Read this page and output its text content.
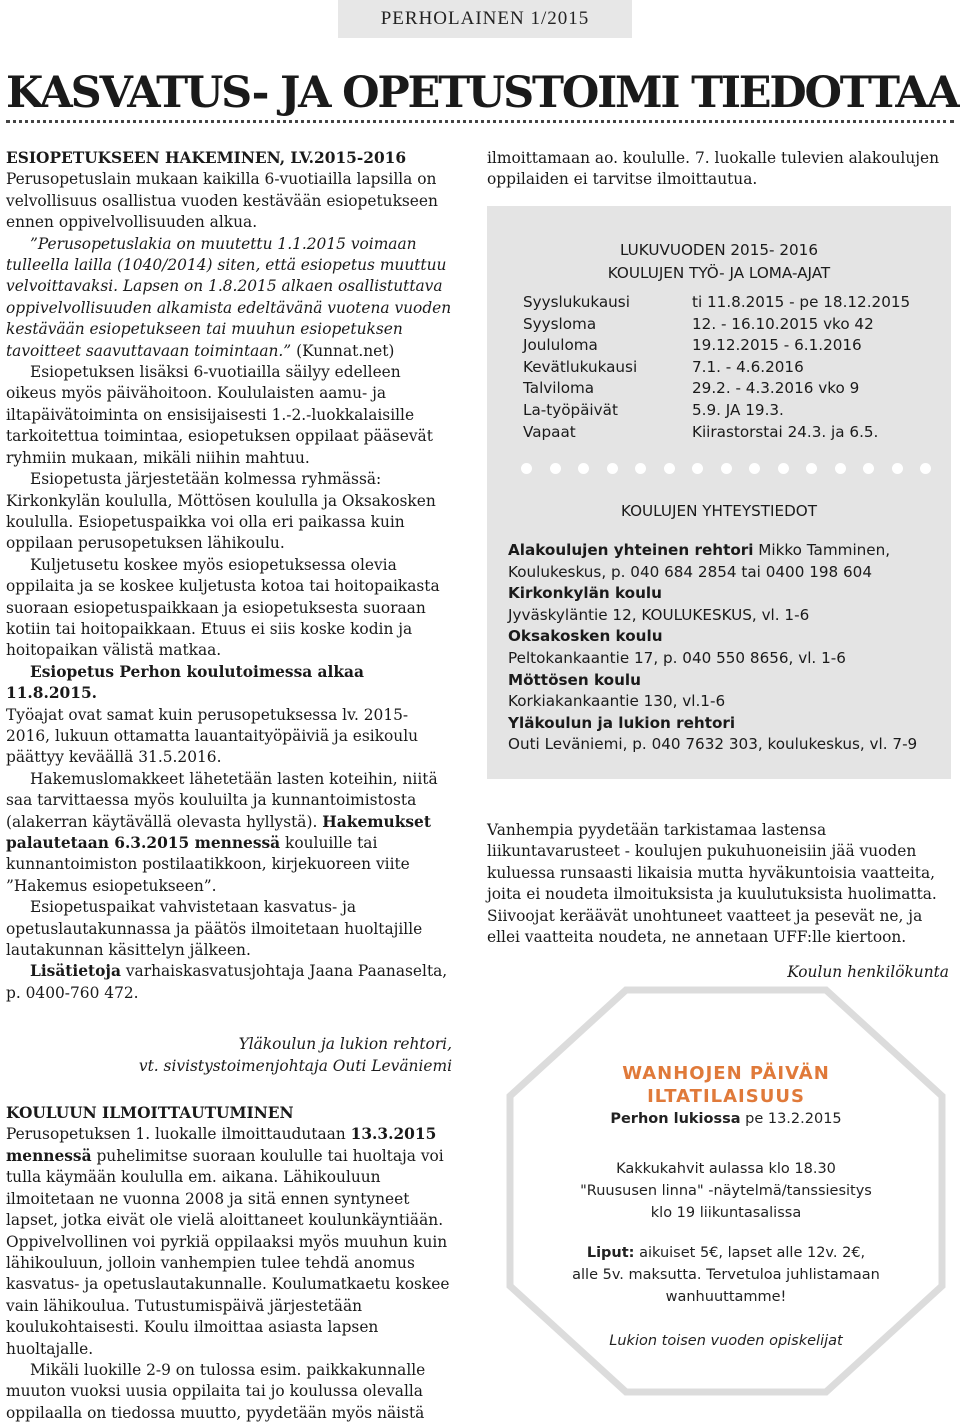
PERHOLAINEN 1/2015
KASVATUS- JA OPETUSTOIMI TIEDOTTAA

ESIOPETUKSEEN HAKEMINEN, LV.2015-2016

Perusopetuslain mukaan kaikilla 6-vuotiailla lapsilla on velvollisuus osallistua vuoden kestävään esiopetukseen ennen oppivelvollisuuden alkua.

”Perusopetuslakia on muutettu 1.1.2015 voimaan tulleella lailla (1040/2014) siten, että esiopetus muuttuu velvoittavaksi. Lapsen on 1.8.2015 alkaen osallistuttava oppivelvollisuuden alkamista edeltävänä vuotena vuoden kestävään esiopetukseen tai muuhun esiopetuksen tavoitteet saavuttavaan toimintaan.” (Kunnat.net)

Esiopetuksen lisäksi 6-vuotiailla säilyy edelleen oikeus myös päivähoitoon. Koululaisten aamu- ja iltapäivätoiminta on ensisijaisesti 1.-2.-luokkalaisille tarkoitettua toimintaa, esiopetuksen oppilaat pääsevät ryhmiin mukaan, mikäli niihin mahtuu.

Esiopetusta järjestetään kolmessa ryhmässä: Kirkonkylän koululla, Möttösen koululla ja Oksakosken koululla. Esiopetuspaikka voi olla eri paikassa kuin oppilaan perusopetuksen lähikoulu.

Kuljetusetu koskee myös esiopetuksessa olevia oppilaita ja se koskee kuljetusta kotoa tai hoitopaikasta suoraan esiopetuspaikkaan ja esiopetuksesta suoraan kotiin tai hoitopaikkaan. Etuus ei siis koske kodin ja hoitopaikan välistä matkaa.

Esiopetus Perhon koulutoimessa alkaa 11.8.2015.
Työajat ovat samat kuin perusopetuksessa lv. 2015-2016, lukuun ottamatta lauantaityöpäiviä ja esikoulu päättyy keväällä 31.5.2016.

Hakemuslomakkeet lähetetään lasten koteihin, niitä saa tarvittaessa myös kouluilta ja kunnantoimistosta (alakerran käytävällä olevasta hyllystä). Hakemukset palautetaan 6.3.2015 mennessä kouluille tai kunnantoimiston postilaatikkoon, kirjekuoreen viite ”Hakemus esiopetukseen”.

Esiopetuspaikat vahvistetaan kasvatus- ja opetuslautakunnassa ja päätös ilmoitetaan huoltajille lautakunnan käsittelyn jälkeen.

Lisätietoja varhaiskasvatusjohtaja Jaana Paanaselta, p. 0400-760 472.

Yläkoulun ja lukion rehtori,

vt. sivistystoimenjohtaja Outi Leväniemi

KOULUUN ILMOITTAUTUMINEN

Perusopetuksen 1. luokalle ilmoittaudutaan 13.3.2015 mennessä puhelimitse suoraan koululle tai huoltaja voi tulla käymään koululla em. aikana. Lähikouluun ilmoitetaan ne vuonna 2008 ja sitä ennen syntyneet lapset, jotka eivät ole vielä aloittaneet koulunkäyntiään. Oppivelvollinen voi pyrkiä oppilaaksi myös muuhun kuin lähikouluun, jolloin vanhempien tulee tehdä anomus kasvatus- ja opetuslautakunnalle. Koulumatkaetu koskee vain lähikoulua. Tutustumispäivä järjestetään koulukohtaisesti. Koulu ilmoittaa asiasta lapsen huoltajalle.

Mikäli luokille 2-9 on tulossa esim. paikkakunnalle muuton vuoksi uusia oppilaita tai jo koulussa olevalla oppilaalla on tiedossa muutto, pyydetään myös näistä

ilmoittamaan ao. koululle. 7. luokalle tulevien alakoulujen oppilaiden ei tarvitse ilmoittautua.

LUKUVUODEN 2015- 2016

KOULUJEN TYÖ- JA LOMA-AJAT

Syyslukukausi	ti 11.8.2015 - pe 18.12.2015
Syysloma	12. - 16.10.2015 vko 42
Joululoma	19.12.2015 - 6.1.2016
Kevätlukukausi	7.1. - 4.6.2016
Talviloma	29.2. - 4.3.2016 vko 9
La-työpäivät	5.9. JA 19.3.
Vapaat	Kiirastorstai 24.3. ja 6.5.

KOULUJEN YHTEYSTIEDOT

Alakoulujen yhteinen rehtori Mikko Tamminen, Koulukeskus, p. 040 684 2854 tai 0400 198 604

Kirkonkylän koulu

Jyväskyläntie 12, KOULUKESKUS, vl. 1-6

Oksakosken koulu

Peltokankaantie 17, p. 040 550 8656, vl. 1-6

Möttösen koulu

Korkiakankaantie 130, vl.1-6

Yläkoulun ja lukion rehtori

Outi Leväniemi, p. 040 7632 303, koulukeskus, vl. 7-9

Vanhempia pyydetään tarkistamaa lastensa liikuntavarusteet - koulujen pukuhuoneisiin jää vuoden kuluessa runsaasti likaisia mutta hyväkuntoisia vaatteita, joita ei noudeta ilmoituksista ja kuulutuksista huolimatta. Siivoojat keräävät unohtuneet vaatteet ja pesevät ne, ja ellei vaatteita noudeta, ne annetaan UFF:lle kiertoon.

Koulun henkilökunta

WANHOJEN PÄIVÄN
ILTATILAISUUS
Perhon lukiossa pe 13.2.2015
Kakkukahvit aulassa klo 18.30
"Ruususen linna" -näytelmä/tanssiesitys
klo 19 liikuntasalissa
Liput: aikuiset 5€, lapset alle 12v. 2€,
alle 5v. maksutta. Tervetuloa juhlistamaan
wanhuuttamme!
Lukion toisen vuoden opiskelijat
